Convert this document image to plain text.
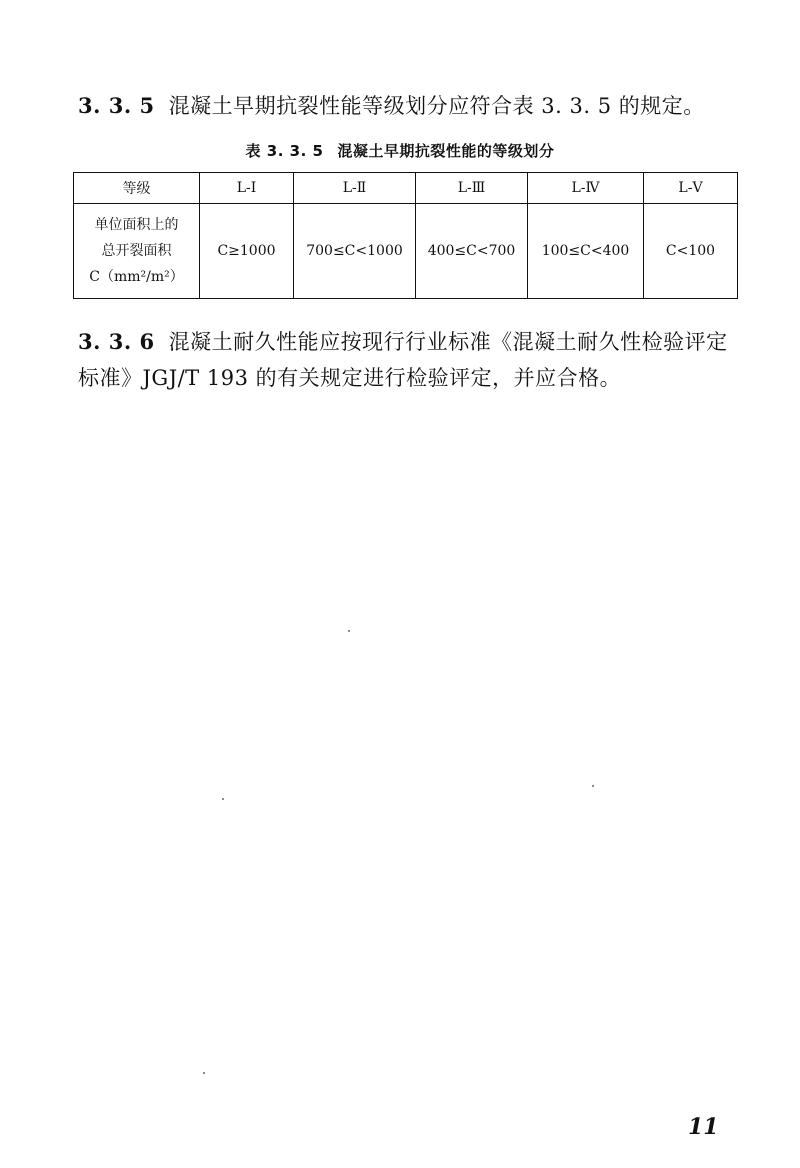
3. 3. 5 混凝土早期抗裂性能等级划分应符合表 3. 3. 5 的规定。
表 3. 3. 5 混凝土早期抗裂性能的等级划分
等级	L-Ⅰ	L-Ⅱ	L-Ⅲ	L-Ⅳ	L-Ⅴ

单位面积上的
总开裂面积
C（mm²/m²）	C≥1000	700≤C<1000	400≤C<700	100≤C<400	C<100
3. 3. 6 混凝土耐久性能应按现行行业标准《混凝土耐久性检验评定标准》JGJ/T 193 的有关规定进行检验评定，并应合格。
11
